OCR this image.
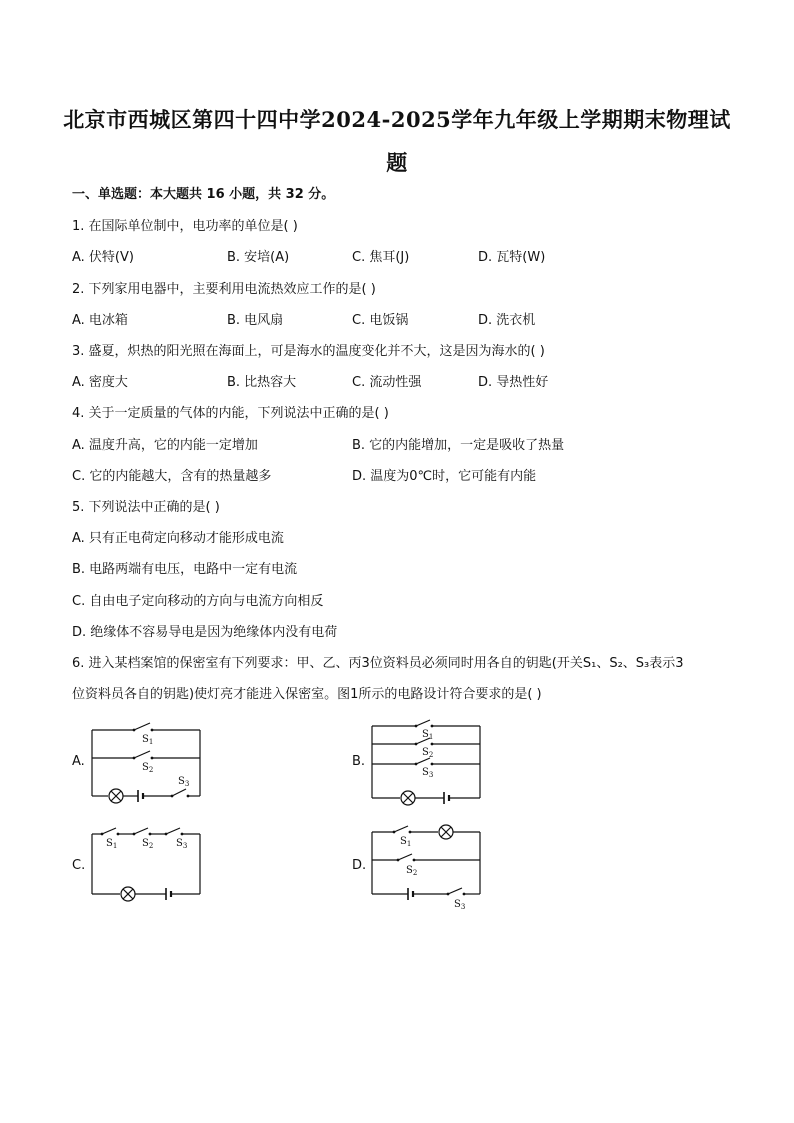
北京市西城区第四十四中学2024-2025学年九年级上学期期末物理试
题
一、单选题：本大题共 16 小题，共 32 分。
1. 在国际单位制中，电功率的单位是( )
A. 伏特(V)	B. 安培(A)	C. 焦耳(J)	D. 瓦特(W)
2. 下列家用电器中，主要利用电流热效应工作的是( )
A. 电冰箱	B. 电风扇	C. 电饭锅	D. 洗衣机
3. 盛夏，炽热的阳光照在海面上，可是海水的温度变化并不大，这是因为海水的( )
A. 密度大	B. 比热容大	C. 流动性强	D. 导热性好
4. 关于一定质量的气体的内能，下列说法中正确的是( )
A. 温度升高，它的内能一定增加	B. 它的内能增加，一定是吸收了热量
C. 它的内能越大，含有的热量越多	D. 温度为0℃时，它可能有内能
5. 下列说法中正确的是( )
A. 只有正电荷定向移动才能形成电流
B. 电路两端有电压，电路中一定有电流
C. 自由电子定向移动的方向与电流方向相反
D. 绝缘体不容易导电是因为绝缘体内没有电荷
6. 进入某档案馆的保密室有下列要求：甲、乙、丙3位资料员必须同时用各自的钥匙(开关S₁、S₂、S₃表示3
位资料员各自的钥匙)使灯亮才能进入保密室。图1所示的电路设计符合要求的是( )
A.
$S_1$
$S_2$
$S_3$
B.
$S_1$
$S_2$
$S_3$
C.
$S_1$ $S_2$ $S_3$
D.
$S_1$
$S_2$
$S_3$
